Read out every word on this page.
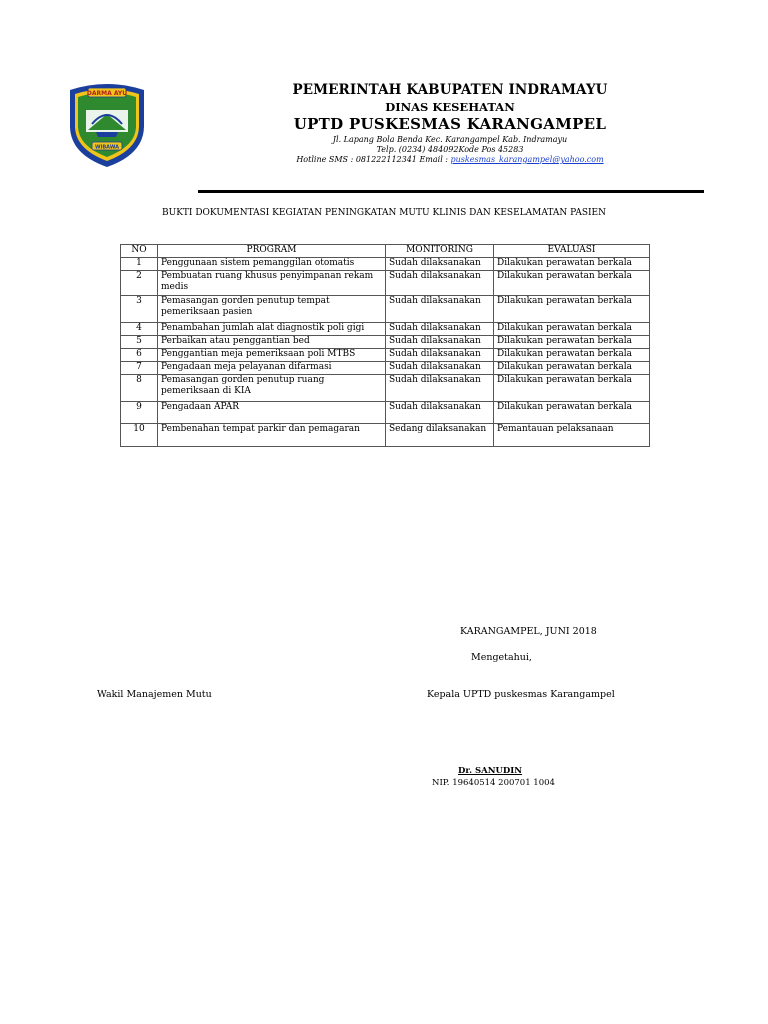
DARMA AYU
WIBAWA
PEMERINTAH KABUPATEN INDRAMAYU
DINAS KESEHATAN
UPTD PUSKESMAS KARANGAMPEL
Jl. Lapang Bola Benda Kec. Karangampel Kab. Indramayu
Telp. (0234) 484092Kode Pos 45283
Hotline SMS : 081222112341 Email : puskesmas_karangampel@yahoo.com
BUKTI DOKUMENTASI KEGIATAN PENINGKATAN MUTU KLINIS DAN KESELAMATAN PASIEN
NO	PROGRAM	MONITORING	EVALUASI
1	Penggunaan sistem pemanggilan otomatis	Sudah dilaksanakan	Dilakukan perawatan berkala
2	Pembuatan ruang khusus penyimpanan rekam medis	Sudah dilaksanakan	Dilakukan perawatan berkala
3	Pemasangan gorden penutup tempat pemeriksaan pasien	Sudah dilaksanakan	Dilakukan perawatan berkala
4	Penambahan jumlah alat diagnostik poli gigi	Sudah dilaksanakan	Dilakukan perawatan berkala
5	Perbaikan atau penggantian bed	Sudah dilaksanakan	Dilakukan perawatan berkala
6	Penggantian meja pemeriksaan poli MTBS	Sudah dilaksanakan	Dilakukan perawatan berkala
7	Pengadaan meja pelayanan difarmasi	Sudah dilaksanakan	Dilakukan perawatan berkala
8	Pemasangan gorden penutup ruang pemeriksaan di KIA	Sudah dilaksanakan	Dilakukan perawatan berkala
9	Pengadaan APAR	Sudah dilaksanakan	Dilakukan perawatan berkala
10	Pembenahan tempat parkir dan pemagaran	Sedang dilaksanakan	Pemantauan pelaksanaan
KARANGAMPEL, JUNI 2018
Mengetahui,
Wakil Manajemen Mutu	Kepala UPTD puskesmas Karangampel
Dr. SANUDIN
NIP. 19640514 200701 1004
